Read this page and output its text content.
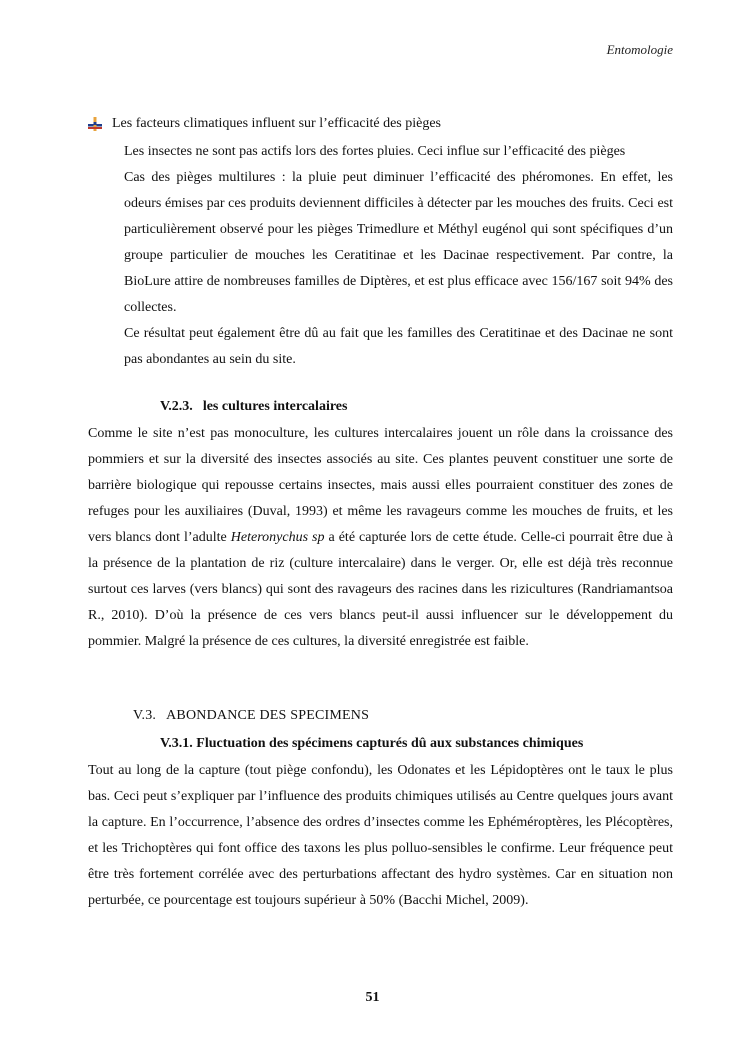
Entomologie
Les facteurs climatiques influent sur l’efficacité des pièges

Les insectes ne sont pas actifs lors des fortes pluies. Ceci influe sur l’efficacité des pièges

Cas des pièges multilures : la pluie peut diminuer l’efficacité des phéromones. En effet, les odeurs émises par ces produits deviennent difficiles à détecter par les mouches des fruits. Ceci est particulièrement observé pour les pièges Trimedlure et Méthyl eugénol qui sont spécifiques d’un groupe particulier de mouches les Ceratitinae et les Dacinae respectivement. Par contre, la BioLure attire de nombreuses familles de Diptères, et est plus efficace avec 156/167 soit 94% des collectes.

Ce résultat peut également être dû au fait que les familles des Ceratitinae et des Dacinae ne sont pas abondantes au sein du site.

V.2.3. les cultures intercalaires

Comme le site n’est pas monoculture, les cultures intercalaires jouent un rôle dans la croissance des pommiers et sur la diversité des insectes associés au site. Ces plantes peuvent constituer une sorte de barrière biologique qui repousse certains insectes, mais aussi elles pourraient constituer des zones de refuges pour les auxiliaires (Duval, 1993) et même les ravageurs comme les mouches de fruits, et les vers blancs dont l’adulte Heteronychus sp a été capturée lors de cette étude. Celle-ci pourrait être due à la présence de la plantation de riz (culture intercalaire) dans le verger. Or, elle est déjà très reconnue surtout ces larves (vers blancs) qui sont des ravageurs des racines dans les rizicultures (Randriamantsoa R., 2010). D’où la présence de ces vers blancs peut-il aussi influencer sur le développement du pommier. Malgré la présence de ces cultures, la diversité enregistrée est faible.

V.3. ABONDANCE DES SPECIMENS
V.3.1. Fluctuation des spécimens capturés dû aux substances chimiques

Tout au long de la capture (tout piège confondu), les Odonates et les Lépidoptères ont le taux le plus bas. Ceci peut s’expliquer par l’influence des produits chimiques utilisés au Centre quelques jours avant la capture. En l’occurrence, l’absence des ordres d’insectes comme les Ephéméroptères, les Plécoptères, et les Trichoptères qui font office des taxons les plus polluo-sensibles le confirme. Leur fréquence peut être très fortement corrélée avec des perturbations affectant des hydro systèmes. Car en situation non perturbée, ce pourcentage est toujours supérieur à 50% (Bacchi Michel, 2009).

51
